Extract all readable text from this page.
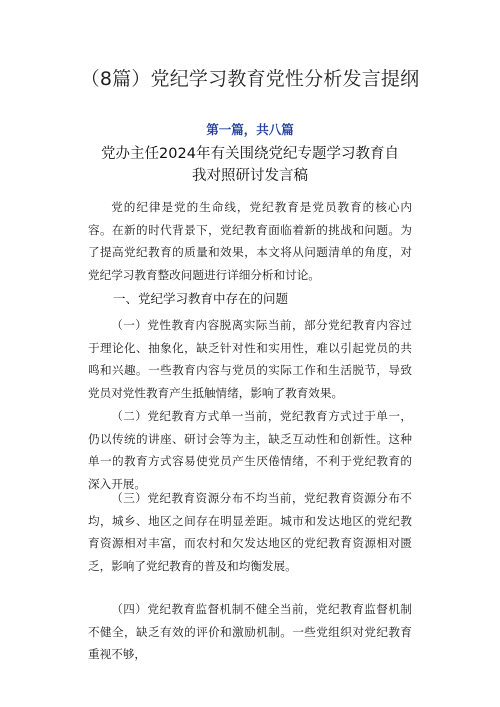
（8篇）党纪学习教育党性分析发言提纲
第一篇，共八篇
党办主任2024年有关围绕党纪专题学习教育自
我对照研讨发言稿

党的纪律是党的生命线，党纪教育是党员教育的核心内容。在新的时代背景下，党纪教育面临着新的挑战和问题。为了提高党纪教育的质量和效果，本文将从问题清单的角度，对党纪学习教育整改问题进行详细分析和讨论。

一、党纪学习教育中存在的问题

（一）党性教育内容脱离实际当前，部分党纪教育内容过于理论化、抽象化，缺乏针对性和实用性，难以引起党员的共鸣和兴趣。一些教育内容与党员的实际工作和生活脱节，导致党员对党性教育产生抵触情绪，影响了教育效果。

（二）党纪教育方式单一当前，党纪教育方式过于单一，仍以传统的讲座、研讨会等为主，缺乏互动性和创新性。这种单一的教育方式容易使党员产生厌倦情绪，不利于党纪教育的深入开展。

（三）党纪教育资源分布不均当前，党纪教育资源分布不均，城乡、地区之间存在明显差距。城市和发达地区的党纪教育资源相对丰富，而农村和欠发达地区的党纪教育资源相对匮乏，影响了党纪教育的普及和均衡发展。

（四）党纪教育监督机制不健全当前，党纪教育监督机制不健全，缺乏有效的评价和激励机制。一些党组织对党纪教育重视不够，
